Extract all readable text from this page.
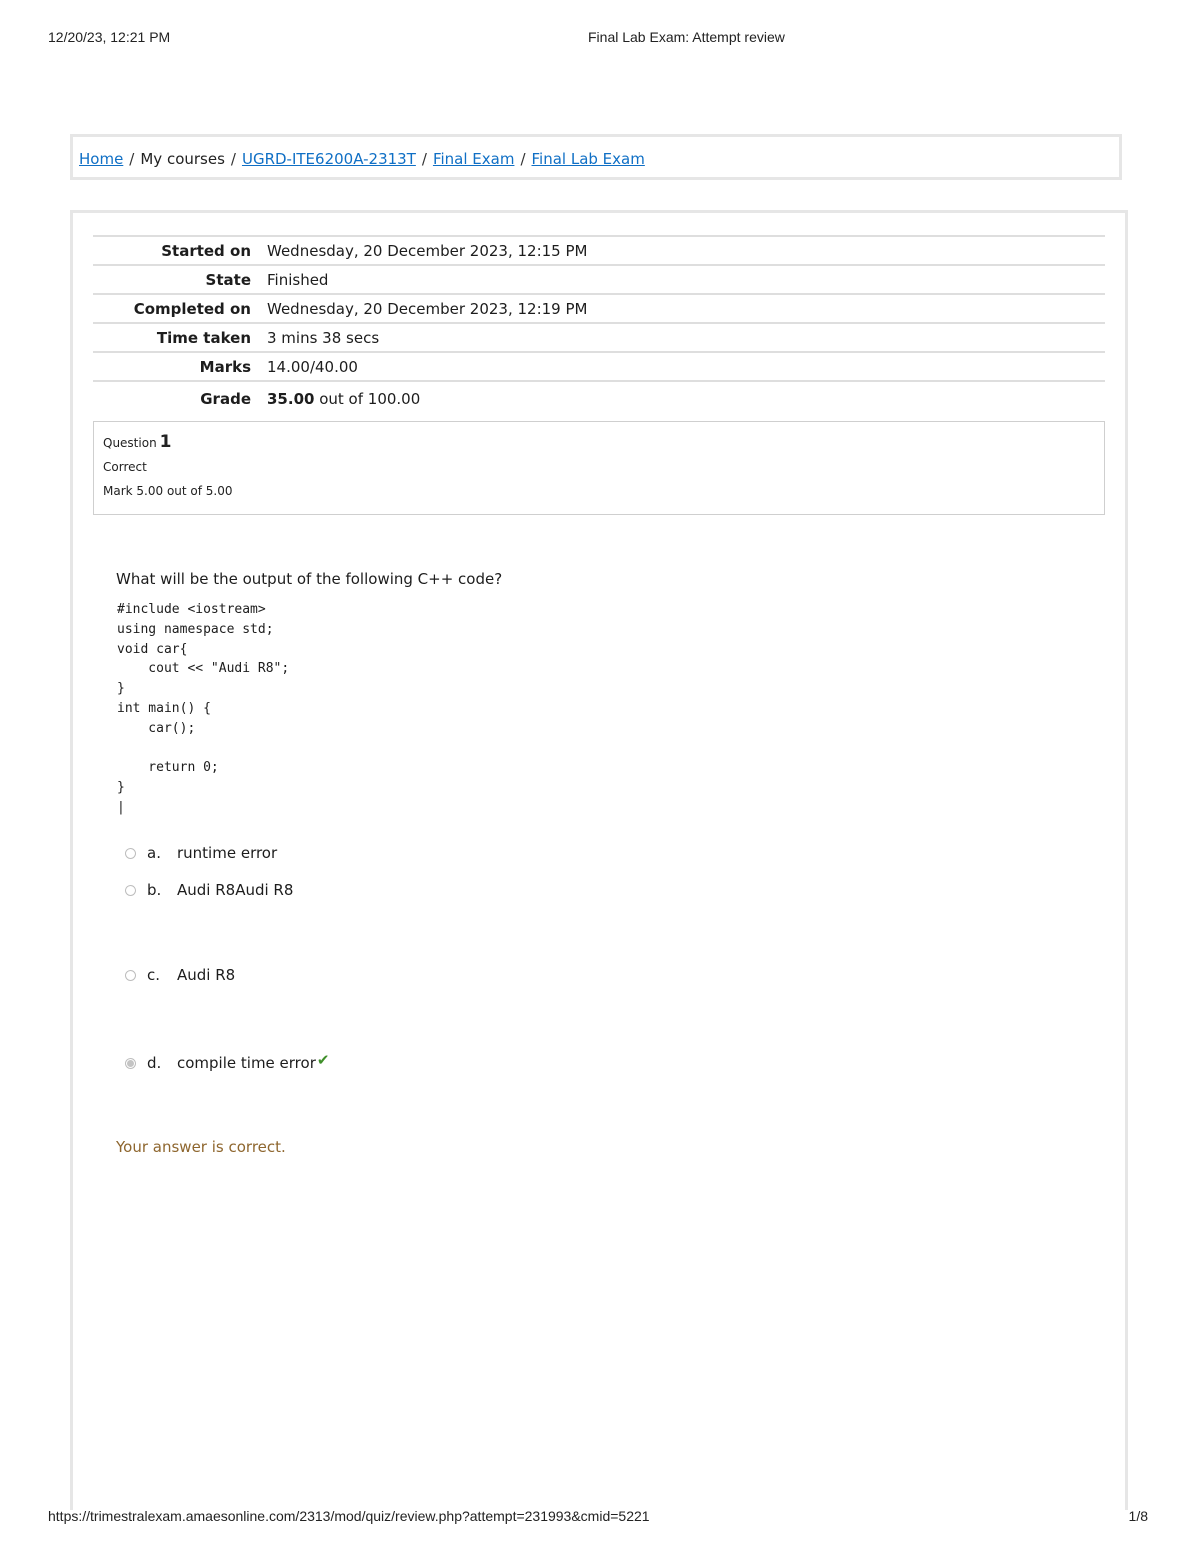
12/20/23, 12:21 PM	Final Lab Exam: Attempt review
Home / My courses / UGRD-ITE6200A-2313T / Final Exam / Final Lab Exam
Started on	Wednesday, 20 December 2023, 12:15 PM
State	Finished
Completed on	Wednesday, 20 December 2023, 12:19 PM
Time taken	3 mins 38 secs
Marks	14.00/40.00
Grade	35.00 out of 100.00
Question 1
Correct
Mark 5.00 out of 5.00
What will be the output of the following C++ code?
#include <iostream>
using namespace std;
void car{
cout << "Audi R8";
}
int main() {
car();

return 0;
}
|
a.	runtime error
b.	Audi R8Audi R8
c.	Audi R8
d.	compile time error ✔
Your answer is correct.
https://trimestralexam.amaesonline.com/2313/mod/quiz/review.php?attempt=231993&cmid=5221	1/8
